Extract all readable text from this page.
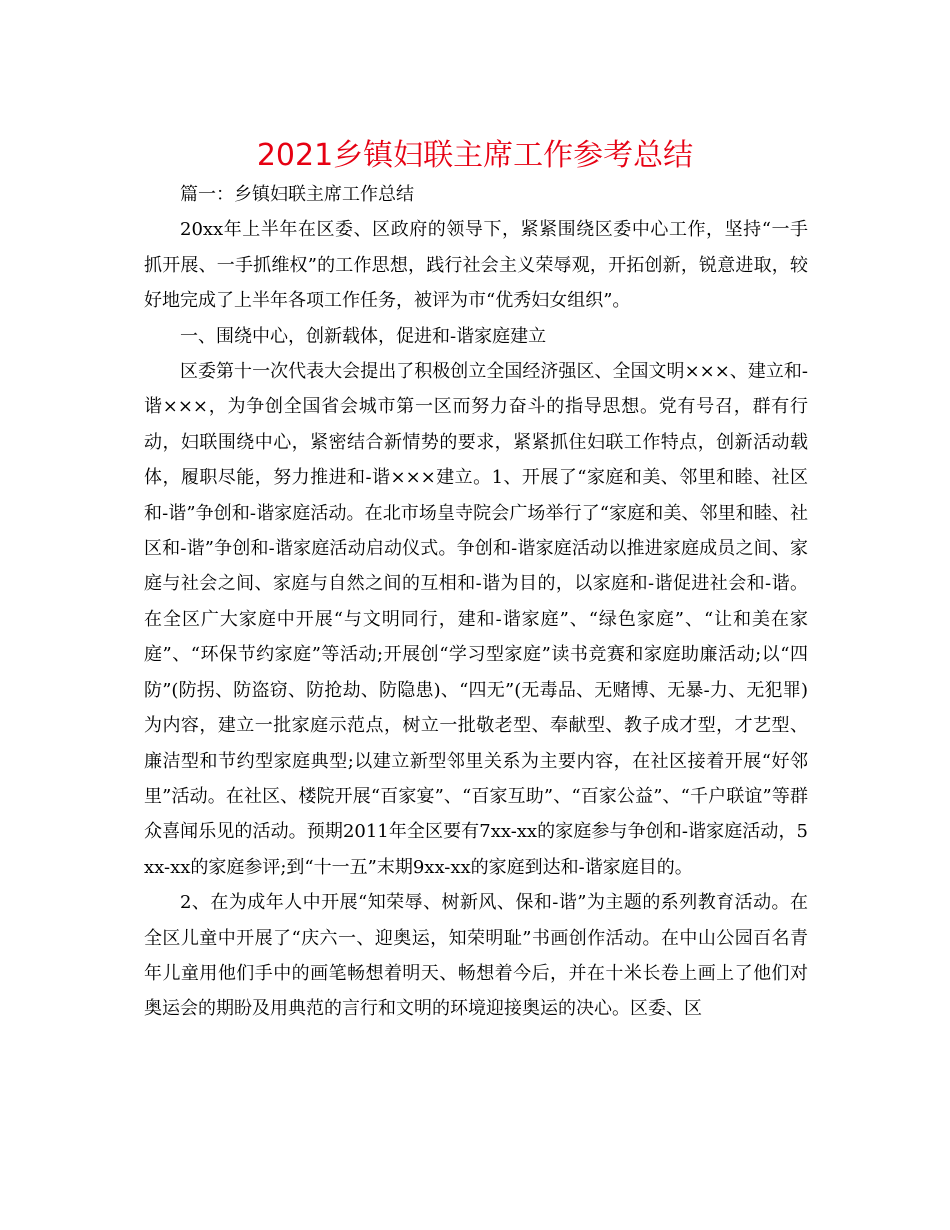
2021乡镇妇联主席工作参考总结

篇一：乡镇妇联主席工作总结

20xx年上半年在区委、区政府的领导下，紧紧围绕区委中心工作，坚持“一手抓开展、一手抓维权”的工作思想，践行社会主义荣辱观，开拓创新，锐意进取，较好地完成了上半年各项工作任务，被评为市“优秀妇女组织”。

一、围绕中心，创新载体，促进和-谐家庭建立

区委第十一次代表大会提出了积极创立全国经济强区、全国文明×××、建立和-谐×××，为争创全国省会城市第一区而努力奋斗的指导思想。党有号召，群有行动，妇联围绕中心，紧密结合新情势的要求，紧紧抓住妇联工作特点，创新活动载体，履职尽能，努力推进和-谐×××建立。1、开展了“家庭和美、邻里和睦、社区和-谐”争创和-谐家庭活动。在北市场皇寺院会广场举行了“家庭和美、邻里和睦、社区和-谐”争创和-谐家庭活动启动仪式。争创和-谐家庭活动以推进家庭成员之间、家庭与社会之间、家庭与自然之间的互相和-谐为目的，以家庭和-谐促进社会和-谐。在全区广大家庭中开展“与文明同行，建和-谐家庭”、“绿色家庭”、“让和美在家庭”、“环保节约家庭”等活动;开展创“学习型家庭”读书竞赛和家庭助廉活动;以“四防”(防拐、防盗窃、防抢劫、防隐患)、“四无”(无毒品、无赌博、无暴-力、无犯罪)为内容，建立一批家庭示范点，树立一批敬老型、奉献型、教子成才型，才艺型、廉洁型和节约型家庭典型;以建立新型邻里关系为主要内容，在社区接着开展“好邻里”活动。在社区、楼院开展“百家宴”、“百家互助”、“百家公益”、“千户联谊”等群众喜闻乐见的活动。预期2011年全区要有7xx-xx的家庭参与争创和-谐家庭活动，5xx-xx的家庭参评;到“十一五”末期9xx-xx的家庭到达和-谐家庭目的。

2、在为成年人中开展“知荣辱、树新风、保和-谐”为主题的系列教育活动。在全区儿童中开展了“庆六一、迎奥运，知荣明耻”书画创作活动。在中山公园百名青年儿童用他们手中的画笔畅想着明天、畅想着今后，并在十米长卷上画上了他们对奥运会的期盼及用典范的言行和文明的环境迎接奥运的决心。区委、区
